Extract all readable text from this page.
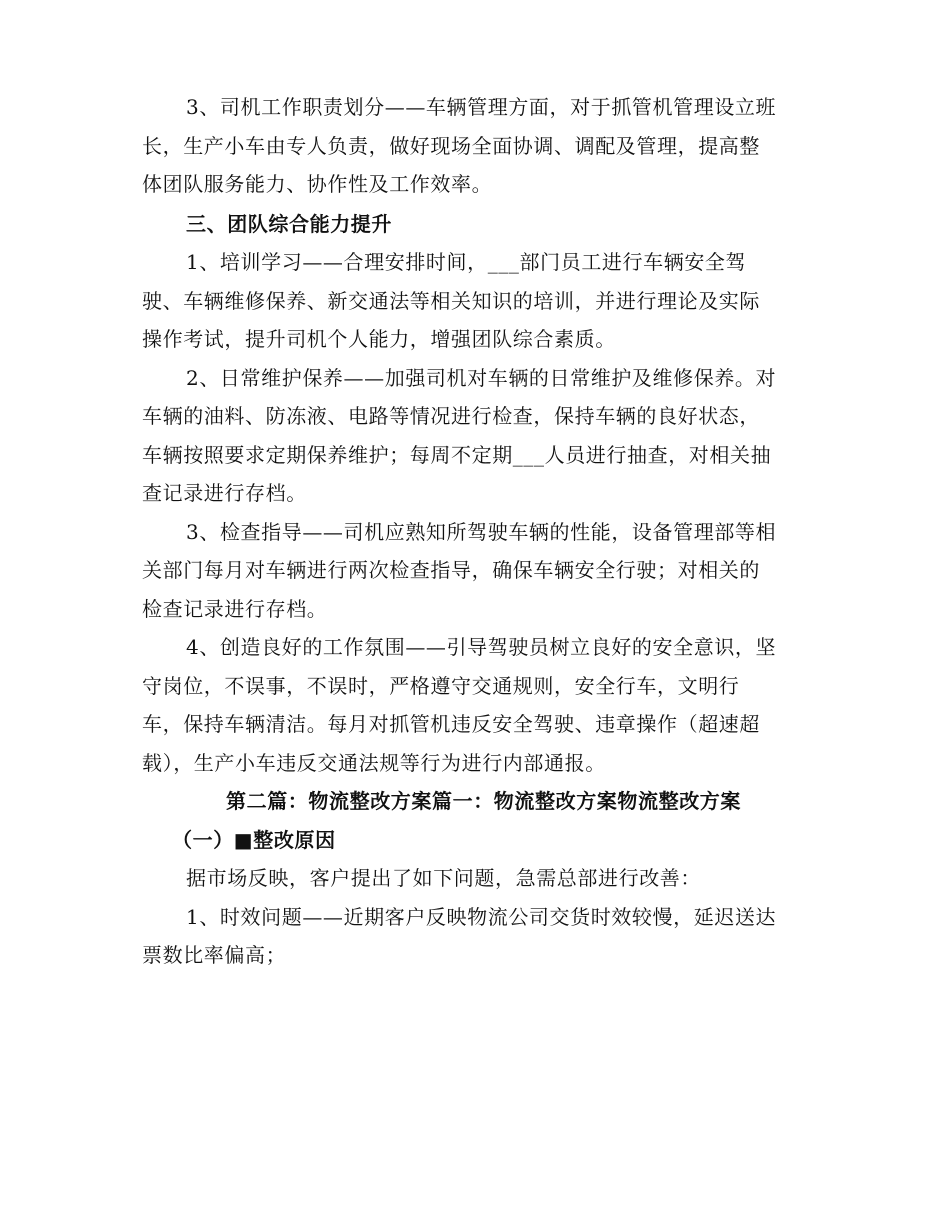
3、司机工作职责划分——车辆管理方面，对于抓管机管理设立班

长，生产小车由专人负责，做好现场全面协调、调配及管理，提高整

体团队服务能力、协作性及工作效率。

三、团队综合能力提升

1、培训学习——合理安排时间，___部门员工进行车辆安全驾

驶、车辆维修保养、新交通法等相关知识的培训，并进行理论及实际

操作考试，提升司机个人能力，增强团队综合素质。

2、日常维护保养——加强司机对车辆的日常维护及维修保养。对

车辆的油料、防冻液、电路等情况进行检查，保持车辆的良好状态，

车辆按照要求定期保养维护；每周不定期___人员进行抽查，对相关抽

查记录进行存档。

3、检查指导——司机应熟知所驾驶车辆的性能，设备管理部等相

关部门每月对车辆进行两次检查指导，确保车辆安全行驶；对相关的

检查记录进行存档。

4、创造良好的工作氛围——引导驾驶员树立良好的安全意识，坚

守岗位，不误事，不误时，严格遵守交通规则，安全行车，文明行

车，保持车辆清洁。每月对抓管机违反安全驾驶、违章操作（超速超

载），生产小车违反交通法规等行为进行内部通报。

第二篇：物流整改方案篇一：物流整改方案物流整改方案

（一）■整改原因

据市场反映，客户提出了如下问题，急需总部进行改善：

1、时效问题——近期客户反映物流公司交货时效较慢，延迟送达

票数比率偏高；
